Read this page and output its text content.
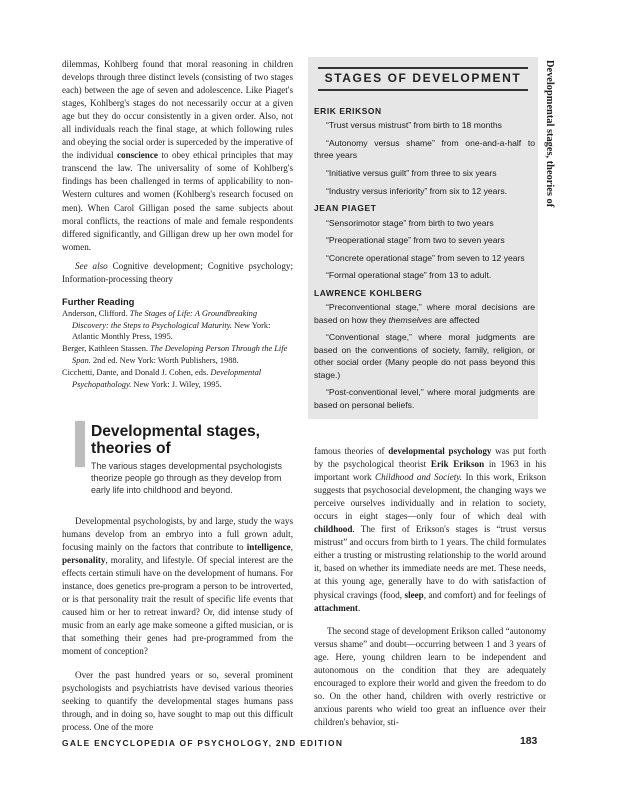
dilemmas, Kohlberg found that moral reasoning in children develops through three distinct levels (consisting of two stages each) between the age of seven and adolescence. Like Piaget's stages, Kohlberg's stages do not necessarily occur at a given age but they do occur consistently in a given order. Also, not all individuals reach the final stage, at which following rules and obeying the social order is superceded by the imperative of the individual conscience to obey ethical principles that may transcend the law. The universality of some of Kohlberg's findings has been challenged in terms of applicability to non-Western cultures and women (Kohlberg's research focused on men). When Carol Gilligan posed the same subjects about moral conflicts, the reactions of male and female respondents differed significantly, and Gilligan drew up her own model for women.

See also Cognitive development; Cognitive psychology; Information-processing theory

Further Reading
Anderson, Clifford. The Stages of Life: A Groundbreaking Discovery: the Steps to Psychological Maturity. New York: Atlantic Monthly Press, 1995.
Berger, Kathleen Stassen. The Developing Person Through the Life Span. 2nd ed. New York: Worth Publishers, 1988.
Cicchetti, Dante, and Donald J. Cohen, eds. Developmental Psychopathology. New York: J. Wiley, 1995.
STAGES OF DEVELOPMENT
ERIK ERIKSON

“Trust versus mistrust” from birth to 18 months

“Autonomy versus shame” from one-and-a-half to three years

“Initiative versus guilt” from three to six years

“Industry versus inferiority” from six to 12 years.

JEAN PIAGET

“Sensorimotor stage” from birth to two years

“Preoperational stage” from two to seven years

“Concrete operational stage” from seven to 12 years

“Formal operational stage” from 13 to adult.

LAWRENCE KOHLBERG

“Preconventional stage,” where moral decisions are based on how they themselves are affected

“Conventional stage,” where moral judgments are based on the conventions of society, family, religion, or other social order (Many people do not pass beyond this stage.)

“Post-conventional level,” where moral judgments are based on personal beliefs.

Developmental stages, theories of
Developmental stages,
theories of
The various stages developmental psychologists theorize people go through as they develop from early life into childhood and beyond.

Developmental psychologists, by and large, study the ways humans develop from an embryo into a full grown adult, focusing mainly on the factors that contribute to intelligence, personality, morality, and lifestyle. Of special interest are the effects certain stimuli have on the development of humans. For instance, does genetics pre-program a person to be introverted, or is that personality trait the result of specific life events that caused him or her to retreat inward? Or, did intense study of music from an early age make someone a gifted musician, or is that something their genes had pre-programmed from the moment of conception?

Over the past hundred years or so, several prominent psychologists and psychiatrists have devised various theories seeking to quantify the developmental stages humans pass through, and in doing so, have sought to map out this difficult process. One of the more

famous theories of developmental psychology was put forth by the psychological theorist Erik Erikson in 1963 in his important work Childhood and Society. In this work, Erikson suggests that psychosocial development, the changing ways we perceive ourselves individually and in relation to society, occurs in eight stages—only four of which deal with childhood. The first of Erikson's stages is “trust versus mistrust” and occurs from birth to 1 years. The child formulates either a trusting or mistrusting relationship to the world around it, based on whether its immediate needs are met. These needs, at this young age, generally have to do with satisfaction of physical cravings (food, sleep, and comfort) and for feelings of attachment.

The second stage of development Erikson called “autonomy versus shame” and doubt—occurring between 1 and 3 years of age. Here, young children learn to be independent and autonomous on the condition that they are adequately encouraged to explore their world and given the freedom to do so. On the other hand, children with overly restrictive or anxious parents who wield too great an influence over their children's behavior, sti-

GALE ENCYCLOPEDIA OF PSYCHOLOGY, 2ND EDITION	183
